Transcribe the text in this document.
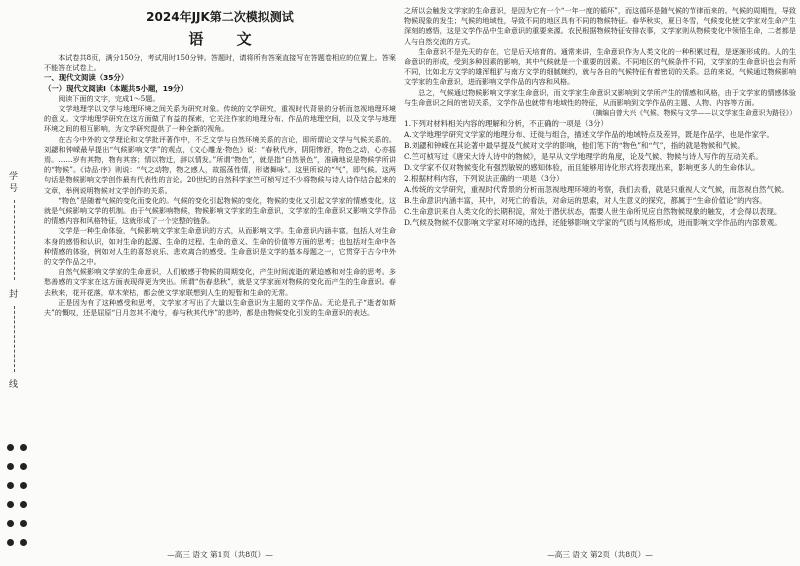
学
号
封
线

2024年JJK第二次模拟测试
语 文

本试卷共8页，满分150分，考试用时150分钟。答题时，请将所有答案直接写在答题卷相应的位置上。答案不能答在试卷上。

一、现代文阅读（35分）

（一）现代文阅读Ⅰ（本题共5小题，19分）

阅读下面的文字，完成1～5题。

文学地理学以文学与地理环境之间关系为研究对象。传统的文学研究，重视时代背景的分析而忽视地理环境的意义。文学地理学研究在这方面做了有益的探索，它关注作家的地理分布、作品的地理空间，以及文学与地理环境之间的相互影响，为文学研究提供了一种全新的视角。

在古今中外的文学理论和文学批评著作中，不乏文学与自然环境关系的言论，即所谓论文学与气候关系的。刘勰和钟嵘最早提出“气候影响文学”的观点，《文心雕龙·物色》说：“春秋代序，阴阳惨舒，物色之动，心亦摇焉。……岁有其物，物有其容；情以物迁，辞以情发。”所谓“物色”，就是指“自然景色”，准确地说是物候学所讲的“物候”。《诗品·序》则说：“气之动物，物之感人，故摇荡性情，形诸舞咏”。这里所说的“气”，即气候。这两句话是物候影响文学创作最有代表性的言论。20世纪的自然科学家竺可桢写过不少将物候与诗人诗作结合起来的文章，举例说明物候对文学创作的关系。

“物色”是随着气候的变化而变化的。气候的变化引起物候的变化，物候的变化又引起文学家的情感变化，这就是气候影响文学的机制。由于气候影响物候，物候影响文学家的生命意识，文学家的生命意识又影响文学作品的情感内容和风格特征，这就形成了一个完整的链条。

文学是一种生命体验，气候影响文学家生命意识的方式，从而影响文学。生命意识内涵丰富，包括人对生命本身的感悟和认识，如对生命的起源、生命的过程、生命的意义、生命的价值等方面的思考；也包括对生命中各种情感的体验，例如对人生的喜怒哀乐、悲欢离合的感受。生命意识是文学的基本母题之一，它贯穿于古今中外的文学作品之中。

自然气候影响文学家的生命意识，人们敏感于物候的周期变化，产生时间流逝的紧迫感和对生命的思考。多愁善感的文学家在这方面表现得更为突出。所谓“伤春悲秋”，就是文学家面对物候的变化而产生的生命意识。春去秋来，花开花落，草木荣枯，都会使文学家联想到人生的短暂和生命的无常。

正是因为有了这种感受和思考，文学家才写出了大量以生命意识为主题的文学作品。无论是孔子“逝者如斯夫”的慨叹，还是屈原“日月忽其不淹兮，春与秋其代序”的悲吟，都是由物候变化引发的生命意识的表达。

—高三 语文 第1页（共8页）—

之所以会触发文学家的生命意识，是因为它有一个“一年一度的循环”，而这循环是随气候的节律而来的。气候的周期性，导致物候现象的发生；气候的地域性，导致不同的地区具有不同的物候特征。春华秋实，夏日冬雪，气候变化使文学家对生命产生深刻的感悟，这是文学作品中生命意识的重要来源。农民根据物候特征安排农事，文学家则从物候变化中领悟生命，二者都是人与自然交流的方式。

生命意识不是先天的存在，它是后天培育的。通常来讲，生命意识作为人类文化的一种积累过程，是逐渐形成的。人的生命意识的形成，受到多种因素的影响，其中气候就是一个重要的因素。不同地区的气候条件不同，文学家的生命意识也会有所不同，比如北方文学的雄浑粗犷与南方文学的细腻婉约，就与各自的气候特征有着密切的关系。总的来说，气候通过物候影响文学家的生命意识，进而影响文学作品的内容和风格。

总之，气候通过物候影响文学家生命意识，而文学家生命意识又影响到文学所产生的情感和风格，由于文学家的情感体验与生命意识之间的密切关系，文学作品也就带有地域性的特征，从而影响到文学作品的主题、人物、内容等方面。

（摘编自曾大兴《气候、物候与文学——以文学家生命意识为路径》）

1.下列对材料相关内容的理解和分析，不正确的一项是（3分）

A.文学地理学研究文学家的地理分布、迁徙与组合，描述文学作品的地域特点及差异，既是作品学，也是作家学。

B.刘勰和钟嵘在其论著中最早提及气候对文学的影响，他们笔下的“物色”和“气”，指的就是物候和气候。

C.竺可桢写过《唐宋大诗人诗中的物候》，是早从文学地理学的角度，论及气候、物候与诗人写作的互动关系。

D.文学家不仅对物候变化有强烈敏锐的感知体验，而且能够用诗化形式将表现出来，影响更多人的生命体认。

2.根据材料内容，下列说法正确的一项是（3分）

A.传统的文学研究，重视时代背景的分析而忽视地理环境的考察，我们去看，就是只重视人文气候，而忽视自然气候。

B.生命意识内涵丰富，其中，对死亡的看法，对命运的思索，对人生意义的探究，都属于“生命价值论”的内容。

C.生命意识来自人类文化的长期积淀，常处于潜伏状态，需要人世生命所见应自然物候现象的触发，才会得以表现。

D.气候及物候不仅影响文学家对环境的选择，还能够影响文学家的气质与风格形成，进而影响文学作品的内部景观。

—高三 语文 第2页（共8页）—
